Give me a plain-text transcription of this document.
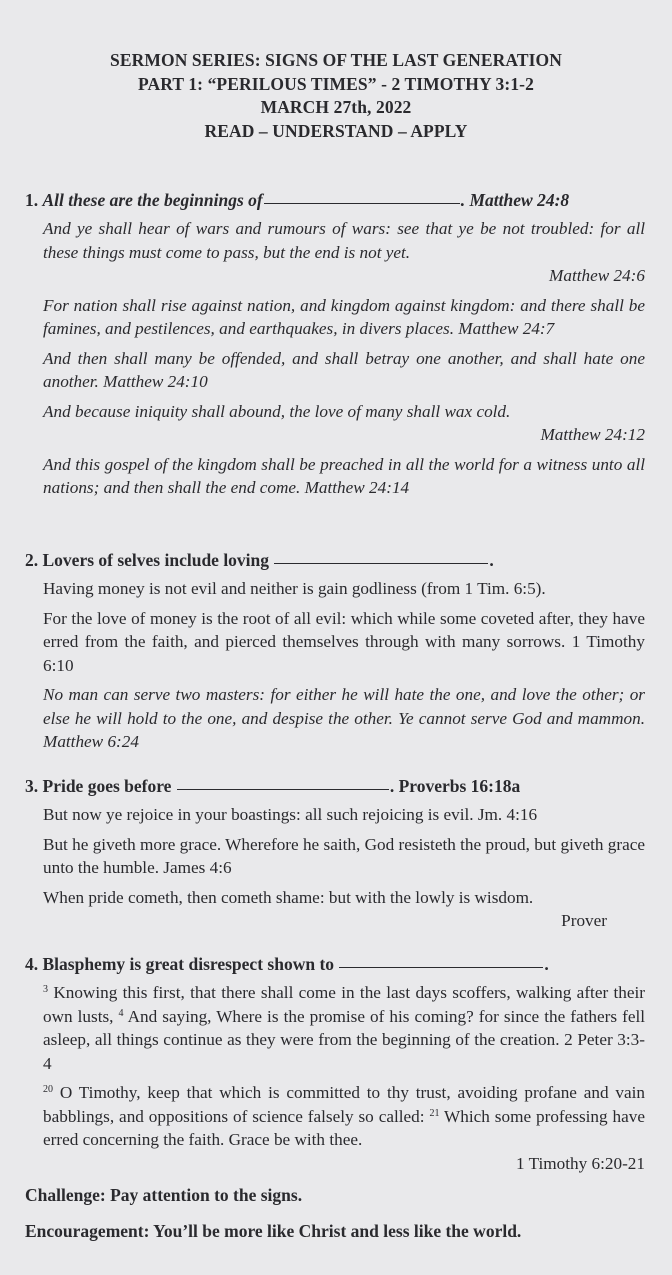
SERMON SERIES: SIGNS OF THE LAST GENERATION
PART 1: “PERILOUS TIMES” - 2 TIMOTHY 3:1-2
MARCH 27th, 2022
READ – UNDERSTAND – APPLY
1.
All these are the beginnings of	. Matthew 24:8
And ye shall hear of wars and rumours of wars: see that ye be not troubled: for all these things must come to pass, but the end is not yet.
Matthew 24:6
For nation shall rise against nation, and kingdom against kingdom: and there shall be famines, and pestilences, and earthquakes, in divers places. Matthew 24:7
And then shall many be offended, and shall betray one another, and shall hate one another. Matthew 24:10
And because iniquity shall abound, the love of many shall wax cold.
Matthew 24:12
And this gospel of the kingdom shall be preached in all the world for a witness unto all nations; and then shall the end come. Matthew 24:14
2.
Lovers of selves include loving
	.
Having money is not evil and neither is gain godliness (from 1 Tim. 6:5).
For the love of money is the root of all evil: which while some coveted after, they have erred from the faith, and pierced themselves through with many sorrows. 1 Timothy 6:10
No man can serve two masters: for either he will hate the one, and love the other; or else he will hold to the one, and despise the other. Ye cannot serve God and mammon. Matthew 6:24
3.
Pride goes before
	. Proverbs 16:18a
But now ye rejoice in your boastings: all such rejoicing is evil. Jm. 4:16
But he giveth more grace. Wherefore he saith, God resisteth the proud, but giveth grace unto the humble. James 4:6
When pride cometh, then cometh shame: but with the lowly is wisdom.
Prover
4.
Blasphemy is great disrespect shown to
	.
$^3$ Knowing this first, that there shall come in the last days scoffers, walking after their own lusts, $^4$ And saying, Where is the promise of his coming? for since the fathers fell asleep, all things continue as they were from the beginning of the creation. 2 Peter 3:3-4
$^{20}$ O Timothy, keep that which is committed to thy trust, avoiding profane and vain babblings, and oppositions of science falsely so called: $^{21}$ Which some professing have erred concerning the faith. Grace be with thee.
1 Timothy 6:20-21
Challenge: Pay attention to the signs.
Encouragement: You’ll be more like Christ and less like the world.
